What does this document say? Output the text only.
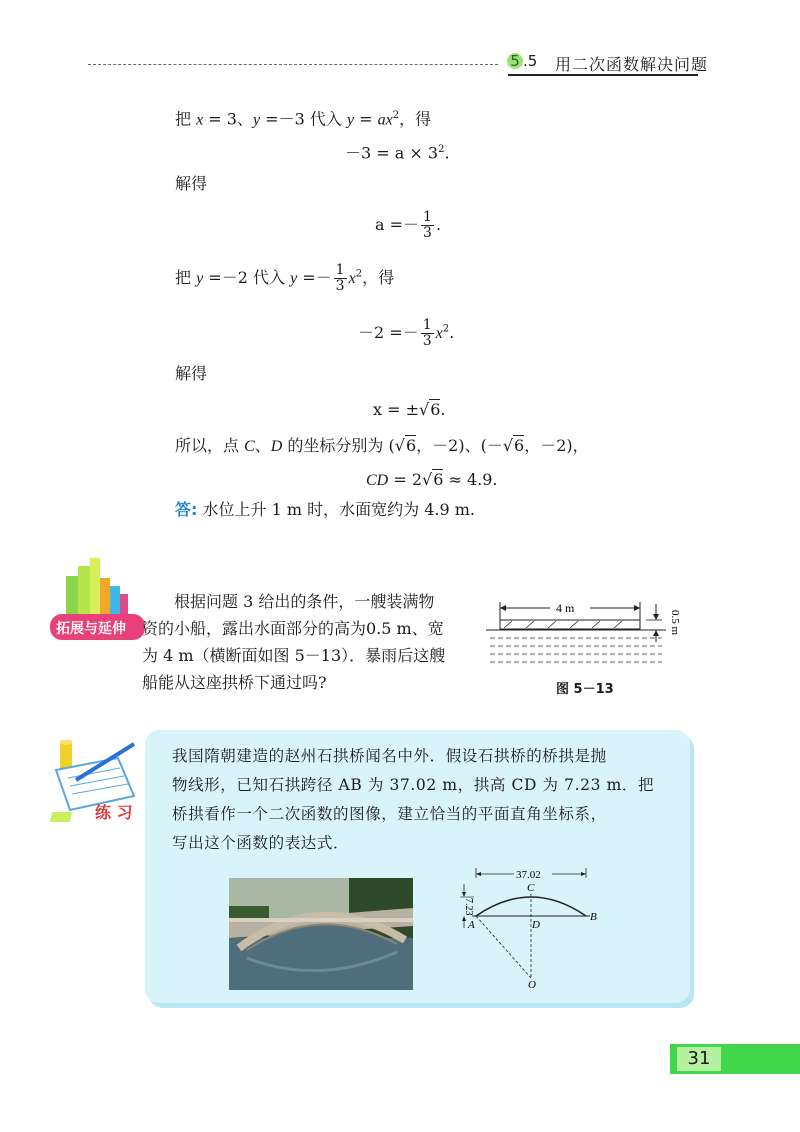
5 .5 用二次函数解决问题
把 x = 3、y =－3 代入 $y = ax^2$，得
$-3 = a \times 3^2$.
解得
$a =- \frac{1}{3}$ .
把 y =－2 代入 $y =- \frac{1}{3} x^2$，得
$-2 =- \frac{1}{3} x^2$.
解得
x = ±√6.
所以，点 C、D 的坐标分别为 (√6，－2)、(－√6，－2)，
CD = 2√6 ≈ 4.9.
答: 水位上升 1 m 时，水面宽约为 4.9 m.
拓展与延伸
根据问题 3 给出的条件，一艘装满物
资的小船，露出水面部分的高为0.5 m、宽
为 4 m（横断面如图 5－13）．暴雨后这艘
船能从这座拱桥下通过吗?
4 m
0.5 m
图 5－13
练 习
我国隋朝建造的赵州石拱桥闻名中外．假设石拱桥的桥拱是抛
物线形，已知石拱跨径 AB 为 37.02 m，拱高 CD 为 7.23 m．把
桥拱看作一个二次函数的图像，建立恰当的平面直角坐标系，
写出这个函数的表达式．
37.02
7.23
C
D
A
B
O
31
